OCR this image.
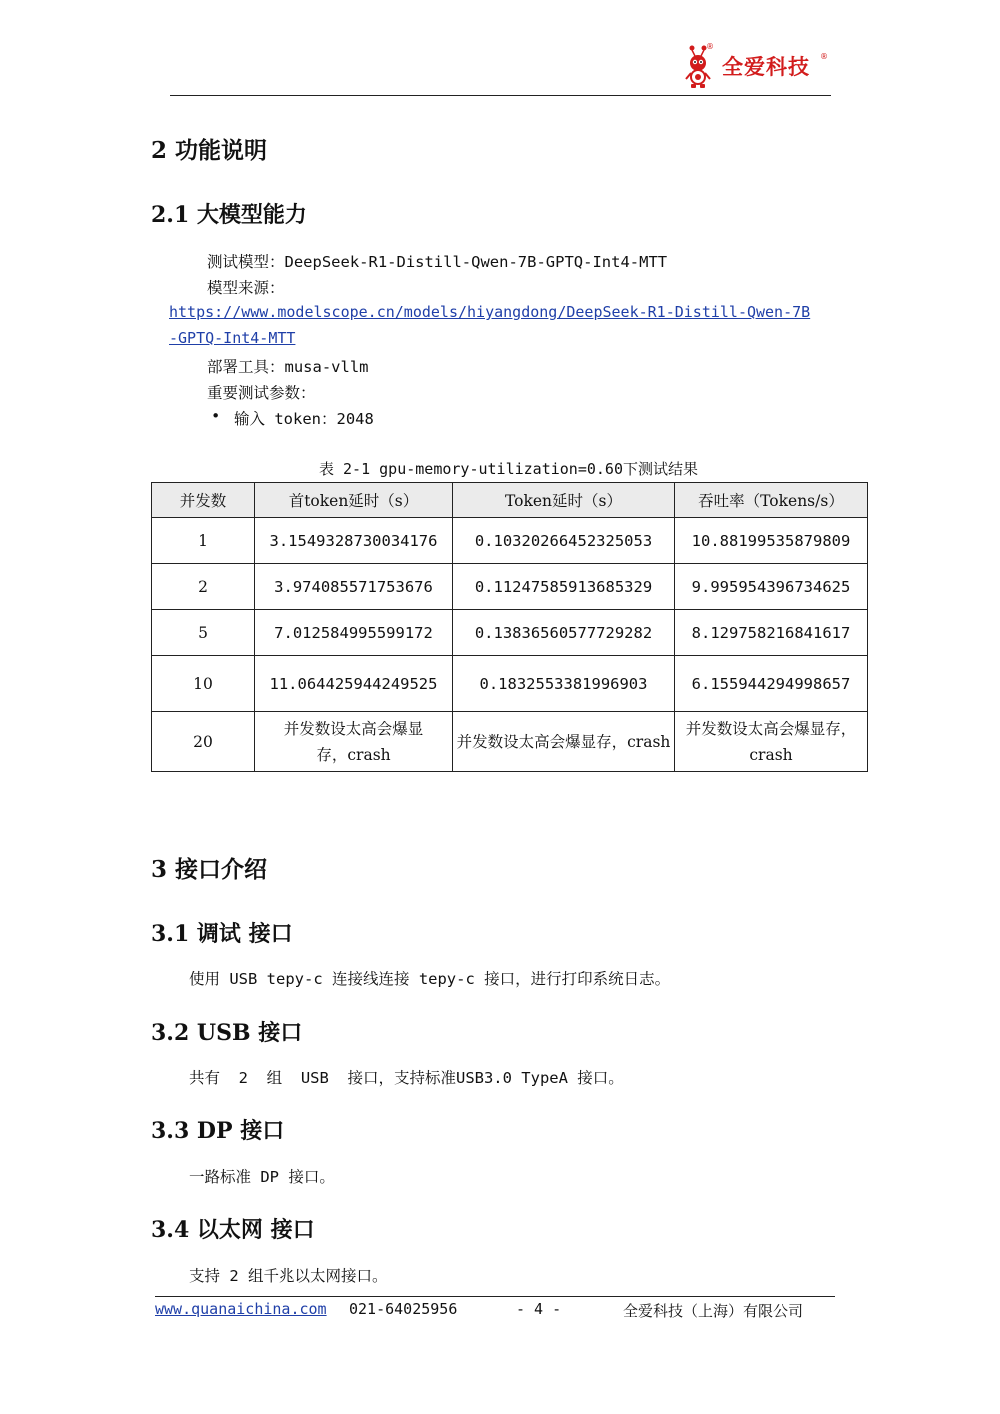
®
全爱科技 ®
2 功能说明
2.1 大模型能力
测试模型：DeepSeek-R1-Distill-Qwen-7B-GPTQ-Int4-MTT
模型来源：
https://www.modelscope.cn/models/hiyangdong/DeepSeek-R1-Distill-Qwen-7B
-GPTQ-Int4-MTT
部署工具：musa-vllm
重要测试参数：
• 输入 token：2048
表 2-1 gpu-memory-utilization=0.60下测试结果
并发数	首token延时（s）	Token延时（s）	吞吐率（Tokens/s）
1	3.1549328730034176	0.10320266452325053	10.88199535879809
2	3.974085571753676	0.11247585913685329	9.995954396734625
5	7.012584995599172	0.13836560577729282	8.129758216841617
10	11.064425944249525	0.1832553381996903	6.155944294998657
20	并发数设太高会爆显存，crash	并发数设太高会爆显存，crash	并发数设太高会爆显存，crash
3 接口介绍
3.1 调试 接口
使用 USB tepy-c 连接线连接 tepy-c 接口，进行打印系统日志。
3.2 USB 接口
共有  2  组  USB  接口，支持标准USB3.0 TypeA 接口。
3.3 DP 接口
一路标准 DP 接口。
3.4 以太网 接口
支持 2 组千兆以太网接口。
www.quanaichina.com 021-64025956	- 4 -	全爱科技（上海）有限公司
